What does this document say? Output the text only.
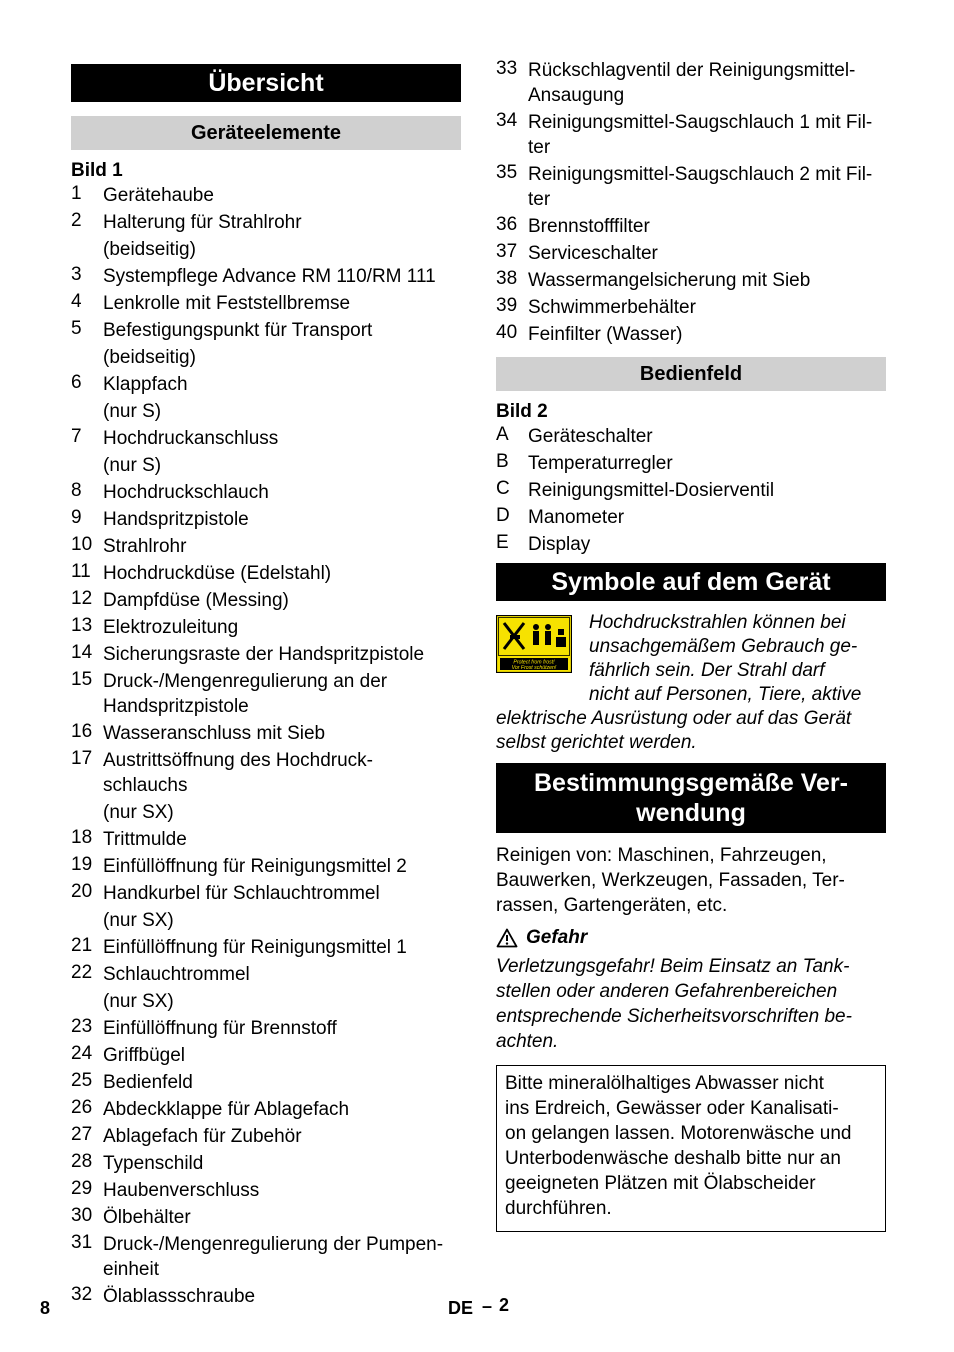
Übersicht
Geräteelemente
Bild 1
1	Gerätehaube
2	Halterung für Strahlrohr
(beidseitig)
3	Systempflege Advance RM 110/RM 111
4	Lenkrolle mit Feststellbremse
5	Befestigungspunkt für Transport
(beidseitig)
6	Klappfach
(nur S)
7	Hochdruckanschluss
(nur S)
8	Hochdruckschlauch
9	Handspritzpistole
10 Strahlrohr
11 Hochdruckdüse (Edelstahl)
12 Dampfdüse (Messing)
13 Elektrozuleitung
14 Sicherungsraste der Handspritzpistole
15 Druck-/Mengenregulierung an der
Handspritzpistole
16 Wasseranschluss mit Sieb
17 Austrittsöffnung des Hochdruck-
schlauchs
(nur SX)
18 Trittmulde
19 Einfüllöffnung für Reinigungsmittel 2
20 Handkurbel für Schlauchtrommel
(nur SX)
21 Einfüllöffnung für Reinigungsmittel 1
22 Schlauchtrommel
(nur SX)
23 Einfüllöffnung für Brennstoff
24 Griffbügel
25 Bedienfeld
26 Abdeckklappe für Ablagefach
27 Ablagefach für Zubehör
28 Typenschild
29 Haubenverschluss
30 Ölbehälter
31 Druck-/Mengenregulierung der Pumpen-
einheit
32 Ölablassschraube
33 Rückschlagventil der Reinigungsmittel-
Ansaugung
34 Reinigungsmittel-Saugschlauch 1 mit Fil-
ter
35 Reinigungsmittel-Saugschlauch 2 mit Fil-
ter
36 Brennstofffilter
37 Serviceschalter
38 Wassermangelsicherung mit Sieb
39 Schwimmerbehälter
40 Feinfilter (Wasser)
Bedienfeld
Bild 2
A	Geräteschalter
B	Temperaturregler
C Reinigungsmittel-Dosierventil
D Manometer
E	Display
Symbole auf dem Gerät
Protect from frost!
Vor Frost schützen!
Hochdruckstrahlen können bei
unsachgemäßem Gebrauch ge-
fährlich sein. Der Strahl darf
nicht auf Personen, Tiere, aktive
elektrische Ausrüstung oder auf das Gerät
selbst gerichtet werden.
Bestimmungsgemäße Ver-
wendung
Reinigen von: Maschinen, Fahrzeugen,
Bauwerken, Werkzeugen, Fassaden, Ter-
rassen, Gartengeräten, etc.
Gefahr
Verletzungsgefahr! Beim Einsatz an Tank-
stellen oder anderen Gefahrenbereichen
entsprechende Sicherheitsvorschriften be-
achten.
Bitte mineralölhaltiges Abwasser nicht
ins Erdreich, Gewässer oder Kanalisati-
on gelangen lassen. Motorenwäsche und
Unterbodenwäsche deshalb bitte nur an
geeigneten Plätzen mit Ölabscheider
durchführen.
8	DE – 2
